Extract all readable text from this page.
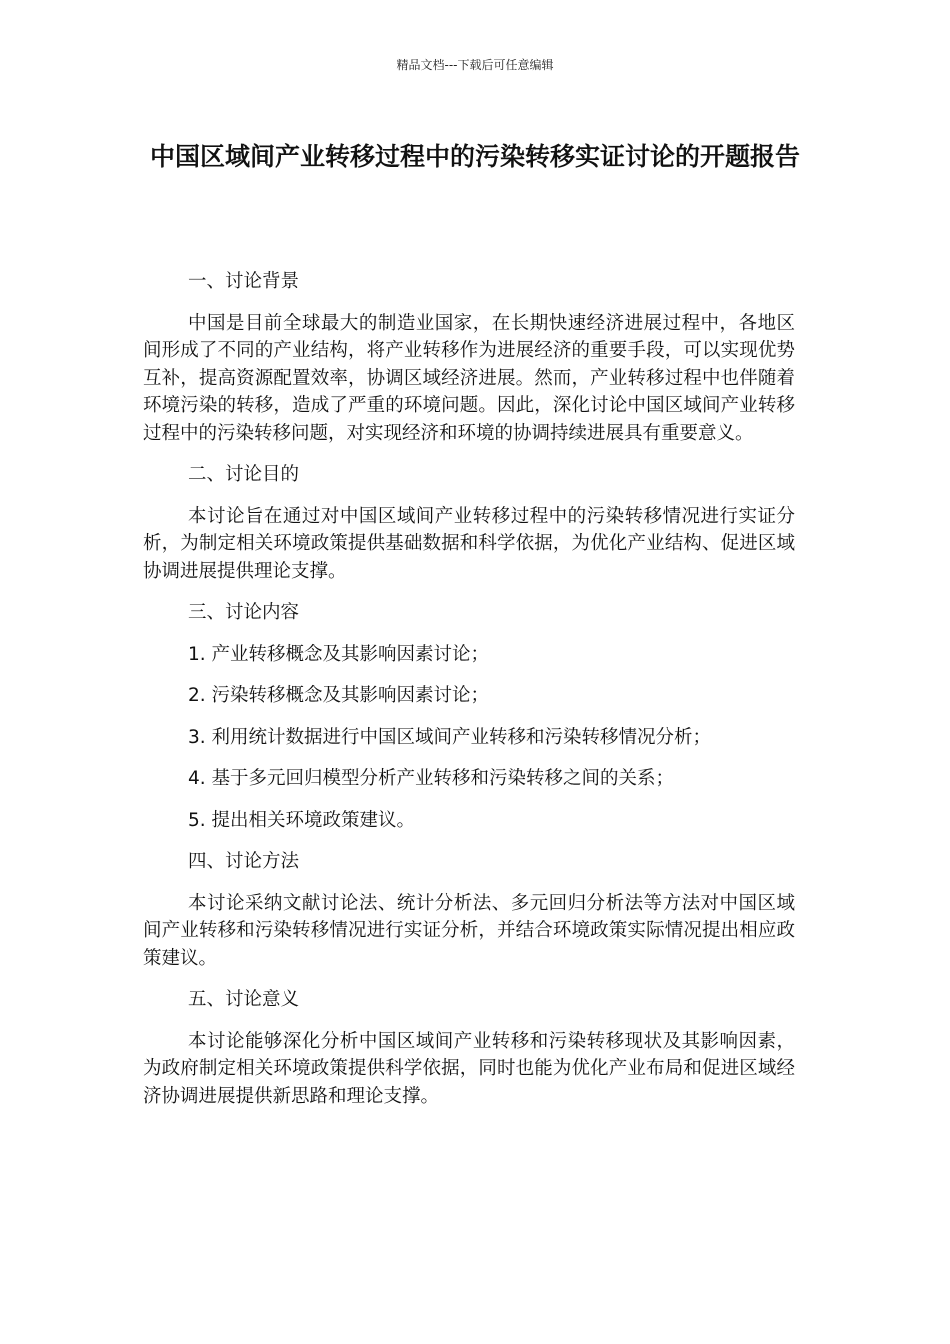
精品文档---下载后可任意编辑
中国区域间产业转移过程中的污染转移实证讨论的开题报告

一、讨论背景

中国是目前全球最大的制造业国家，在长期快速经济进展过程中，各地区间形成了不同的产业结构，将产业转移作为进展经济的重要手段，可以实现优势互补，提高资源配置效率，协调区域经济进展。然而，产业转移过程中也伴随着环境污染的转移，造成了严重的环境问题。因此，深化讨论中国区域间产业转移过程中的污染转移问题，对实现经济和环境的协调持续进展具有重要意义。

二、讨论目的

本讨论旨在通过对中国区域间产业转移过程中的污染转移情况进行实证分析，为制定相关环境政策提供基础数据和科学依据，为优化产业结构、促进区域协调进展提供理论支撑。

三、讨论内容

1. 产业转移概念及其影响因素讨论；

2. 污染转移概念及其影响因素讨论；

3. 利用统计数据进行中国区域间产业转移和污染转移情况分析；

4. 基于多元回归模型分析产业转移和污染转移之间的关系；

5. 提出相关环境政策建议。

四、讨论方法

本讨论采纳文献讨论法、统计分析法、多元回归分析法等方法对中国区域间产业转移和污染转移情况进行实证分析，并结合环境政策实际情况提出相应政策建议。

五、讨论意义

本讨论能够深化分析中国区域间产业转移和污染转移现状及其影响因素，为政府制定相关环境政策提供科学依据，同时也能为优化产业布局和促进区域经济协调进展提供新思路和理论支撑。
